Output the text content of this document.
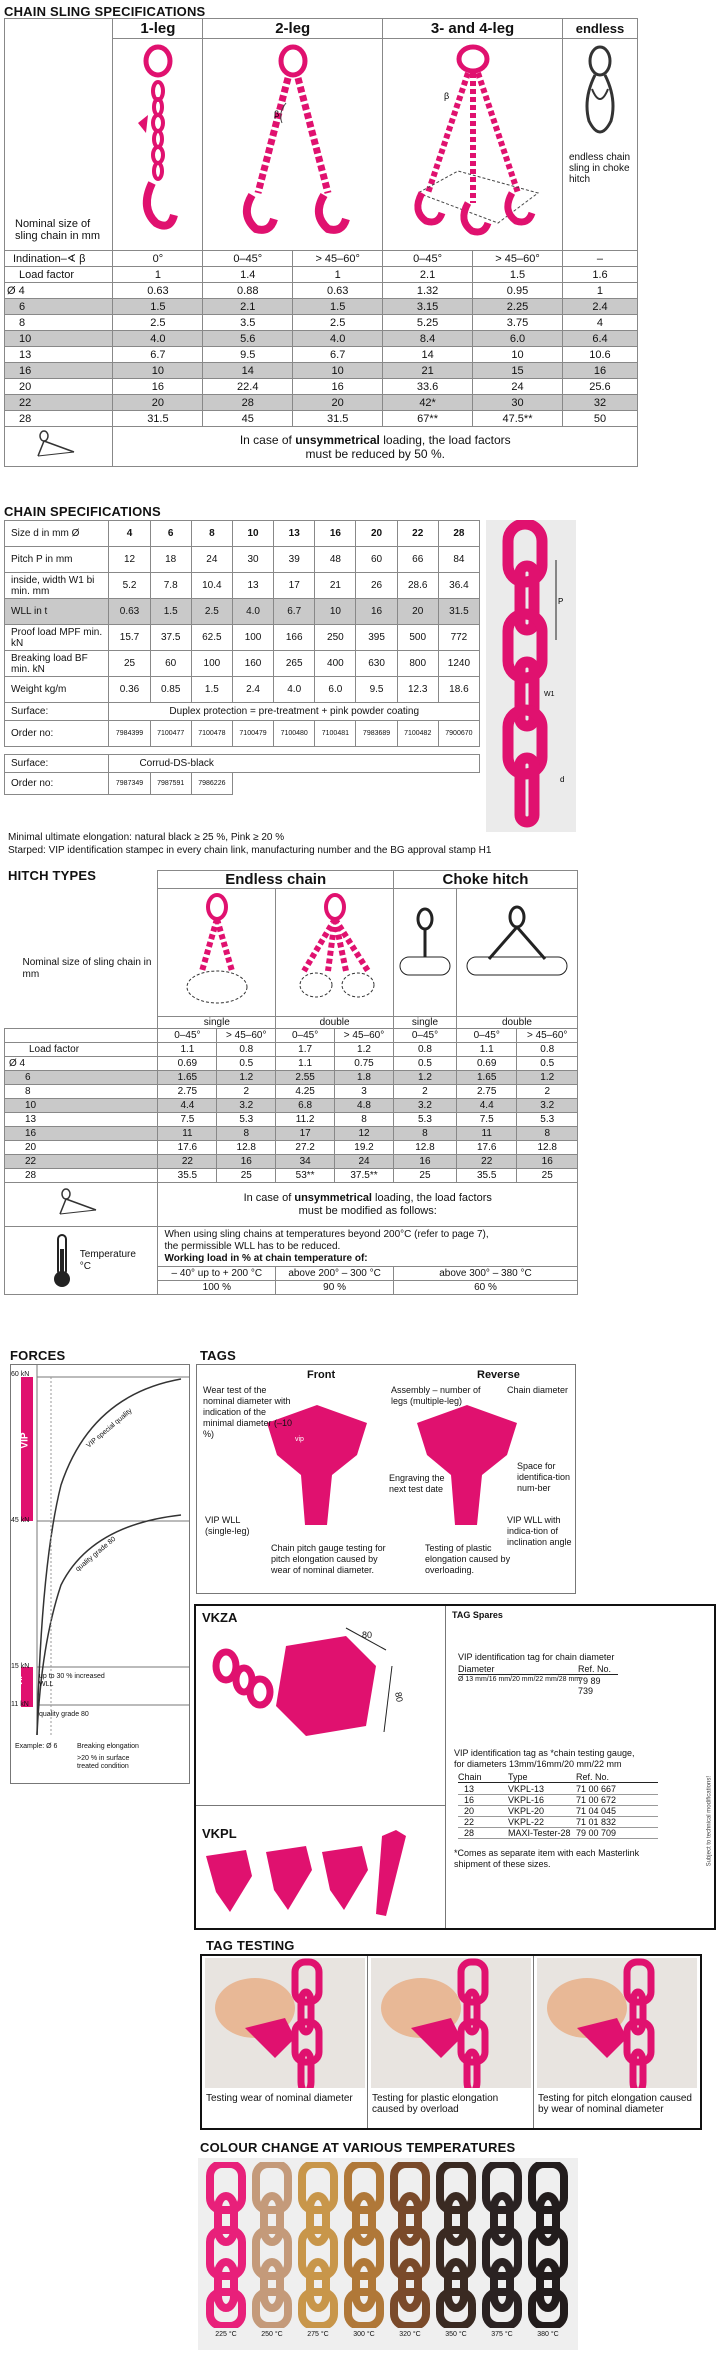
CHAIN SLING SPECIFICATIONS
Nominal size of sling chain in mm	1-leg	2-leg		3- and 4-leg		endless

β		β		endless chain sling in choke hitch

Indination–∢ β	0°	0–45°	> 45–60°	0–45°	> 45–60°	–
Load factor	1	1.4	1	2.1	1.5	1.6
Ø 4	0.63	0.88	0.63	1.32	0.95	1
6	1.5	2.1	1.5	3.15	2.25	2.4
8	2.5	3.5	2.5	5.25	3.75	4
10	4.0	5.6	4.0	8.4	6.0	6.4
13	6.7	9.5	6.7	14	10	10.6
16	10	14	10	21	15	16
20	16	22.4	16	33.6	24	25.6
22	20	28	20	42*	30	32
28	31.5	45	31.5	67**	47.5**	50
	In case of unsymmetrical loading, the load factors
must be reduced by 50 %.					
CHAIN SPECIFICATIONS
Size d in mm Ø	4	6	8	10	13	16	20	22	28
Pitch P in mm	12	18	24	30	39	48	60	66	84
inside, width W1 bi min. mm	5.2	7.8	10.4	13	17	21	26	28.6	36.4
WLL in t	0.63	1.5	2.5	4.0	6.7	10	16	20	31.5
Proof load MPF min. kN	15.7	37.5	62.5	100	166	250	395	500	772
Breaking load BF min. kN	25	60	100	160	265	400	630	800	1240
Weight kg/m	0.36	0.85	1.5	2.4	4.0	6.0	9.5	12.3	18.6
Surface:	Duplex protection = pre-treatment + pink powder coating								
Order no:	7984399	7100477	7100478	7100479	7100480	7100481	7983689	7100482	7900670

Surface:	Corrud-DS-black								
Order no:	7987349	7987591	7986226						
P
W1
d
Minimal ultimate elongation: natural black ≥ 25 %, Pink ≥ 20 %
Starped: VIP identification stampec in every chain link, manufacturing number and the BG approval stamp H1
HITCH TYPES
Nominal size of sling chain in mm	Endless chain				Choke hitch		

	single		double		single	double	
	0–45°	> 45–60°	0–45°	> 45–60°	0–45°	0–45°	> 45–60°
Load factor	1.1	0.8	1.7	1.2	0.8	1.1	0.8
Ø 4	0.69	0.5	1.1	0.75	0.5	0.69	0.5
6	1.65	1.2	2.55	1.8	1.2	1.65	1.2
8	2.75	2	4.25	3	2	2.75	2
10	4.4	3.2	6.8	4.8	3.2	4.4	3.2
13	7.5	5.3	11.2	8	5.3	7.5	5.3
16	11	8	17	12	8	11	8
20	17.6	12.8	27.2	19.2	12.8	17.6	12.8
22	22	16	34	24	16	22	16
28	35.5	25	53**	37.5**	25	35.5	25
	In case of unsymmetrical loading, the load factors
must be modified as follows:						
Temperature °C	When using sling chains at temperatures beyond 200°C (refer to page 7),
the permissible WLL has to be reduced.
Working load in % at chain temperature of:						
	– 40° up to + 200 °C		above 200° – 300 °C		above 300° – 380 °C		
	100 %		90 %		60 %		
FORCES
60 kN
45 kN
15 kN
11 kN
VIP
VIP
VIP special quality
quality grade 80
up to 30 % increased WLL
quality grade 80
Example: Ø 6	Breaking elongation
>20 % in surface treated condition
TAGS
Front	Reverse
vip
Wear test of the nominal diameter with indication of the minimal diameter (–10 %)
Assembly – number of legs (multiple-leg)
Chain diameter
Engraving the next test date
Space for identifica-tion num-ber
VIP WLL (single-leg)
VIP WLL with indica-tion of inclination angle
Chain pitch gauge testing for pitch elongation caused by wear of nominal diameter.
Testing of plastic elongation caused by overloading.
VKZA
80
80
VKPL
TAG Spares
VIP identification tag for chain diameter
Diameter	Ref. No.
Ø 13 mm/16 mm/20 mm/22 mm/28 mm
79 89 739
VIP identification tag as *chain testing gauge,
for diameters 13mm/16mm/20 mm/22 mm
Chain	Type	Ref. No.
13	VKPL-13	71 00 667
16	VKPL-16	71 00 672
20	VKPL-20	71 04 045
22	VKPL-22	71 01 832
28	MAXI-Tester-28 79 00 709
*Comes as separate item with each Masterlink shipment of these sizes.	Subject to technical modifications!
TAG TESTING
Testing wear of nominal diameter	Testing for plastic elongation caused by overload
Testing for pitch elongation caused by wear of nominal diameter
COLOUR CHANGE AT VARIOUS TEMPERATURES
225 °C	250 °C	275 °C	300 °C	320 °C	350 °C	375 °C	380 °C
